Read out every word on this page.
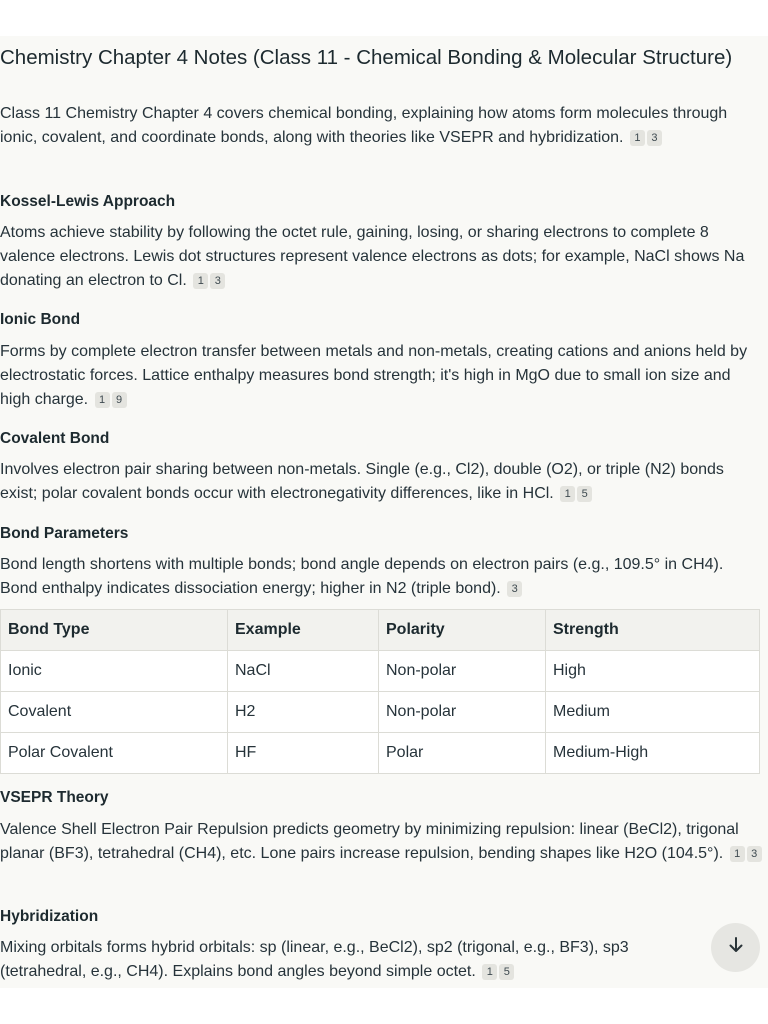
Chemistry Chapter 4 Notes (Class 11 - Chemical Bonding & Molecular Structure)

Class 11 Chemistry Chapter 4 covers chemical bonding, explaining how atoms form molecules through ionic, covalent, and coordinate bonds, along with theories like VSEPR and hybridization. 1 3

Kossel-Lewis Approach

Atoms achieve stability by following the octet rule, gaining, losing, or sharing electrons to complete 8 valence electrons. Lewis dot structures represent valence electrons as dots; for example, NaCl shows Na donating an electron to Cl. 1 3

Ionic Bond

Forms by complete electron transfer between metals and non-metals, creating cations and anions held by electrostatic forces. Lattice enthalpy measures bond strength; it's high in MgO due to small ion size and high charge. 1 9

Covalent Bond

Involves electron pair sharing between non-metals. Single (e.g., Cl2), double (O2), or triple (N2) bonds exist; polar covalent bonds occur with electronegativity differences, like in HCl. 1 5

Bond Parameters

Bond length shortens with multiple bonds; bond angle depends on electron pairs (e.g., 109.5° in CH4). Bond enthalpy indicates dissociation energy; higher in N2 (triple bond). 3

Bond Type	Example	Polarity	Strength
Ionic	NaCl	Non-polar	High
Covalent	H2	Non-polar	Medium
Polar Covalent	HF	Polar	Medium-High
VSEPR Theory

Valence Shell Electron Pair Repulsion predicts geometry by minimizing repulsion: linear (BeCl2), trigonal planar (BF3), tetrahedral (CH4), etc. Lone pairs increase repulsion, bending shapes like H2O (104.5°). 1 3

Hybridization

Mixing orbitals forms hybrid orbitals: sp (linear, e.g., BeCl2), sp2 (trigonal, e.g., BF3), sp3 (tetrahedral, e.g., CH4). Explains bond angles beyond simple octet. 1 5
